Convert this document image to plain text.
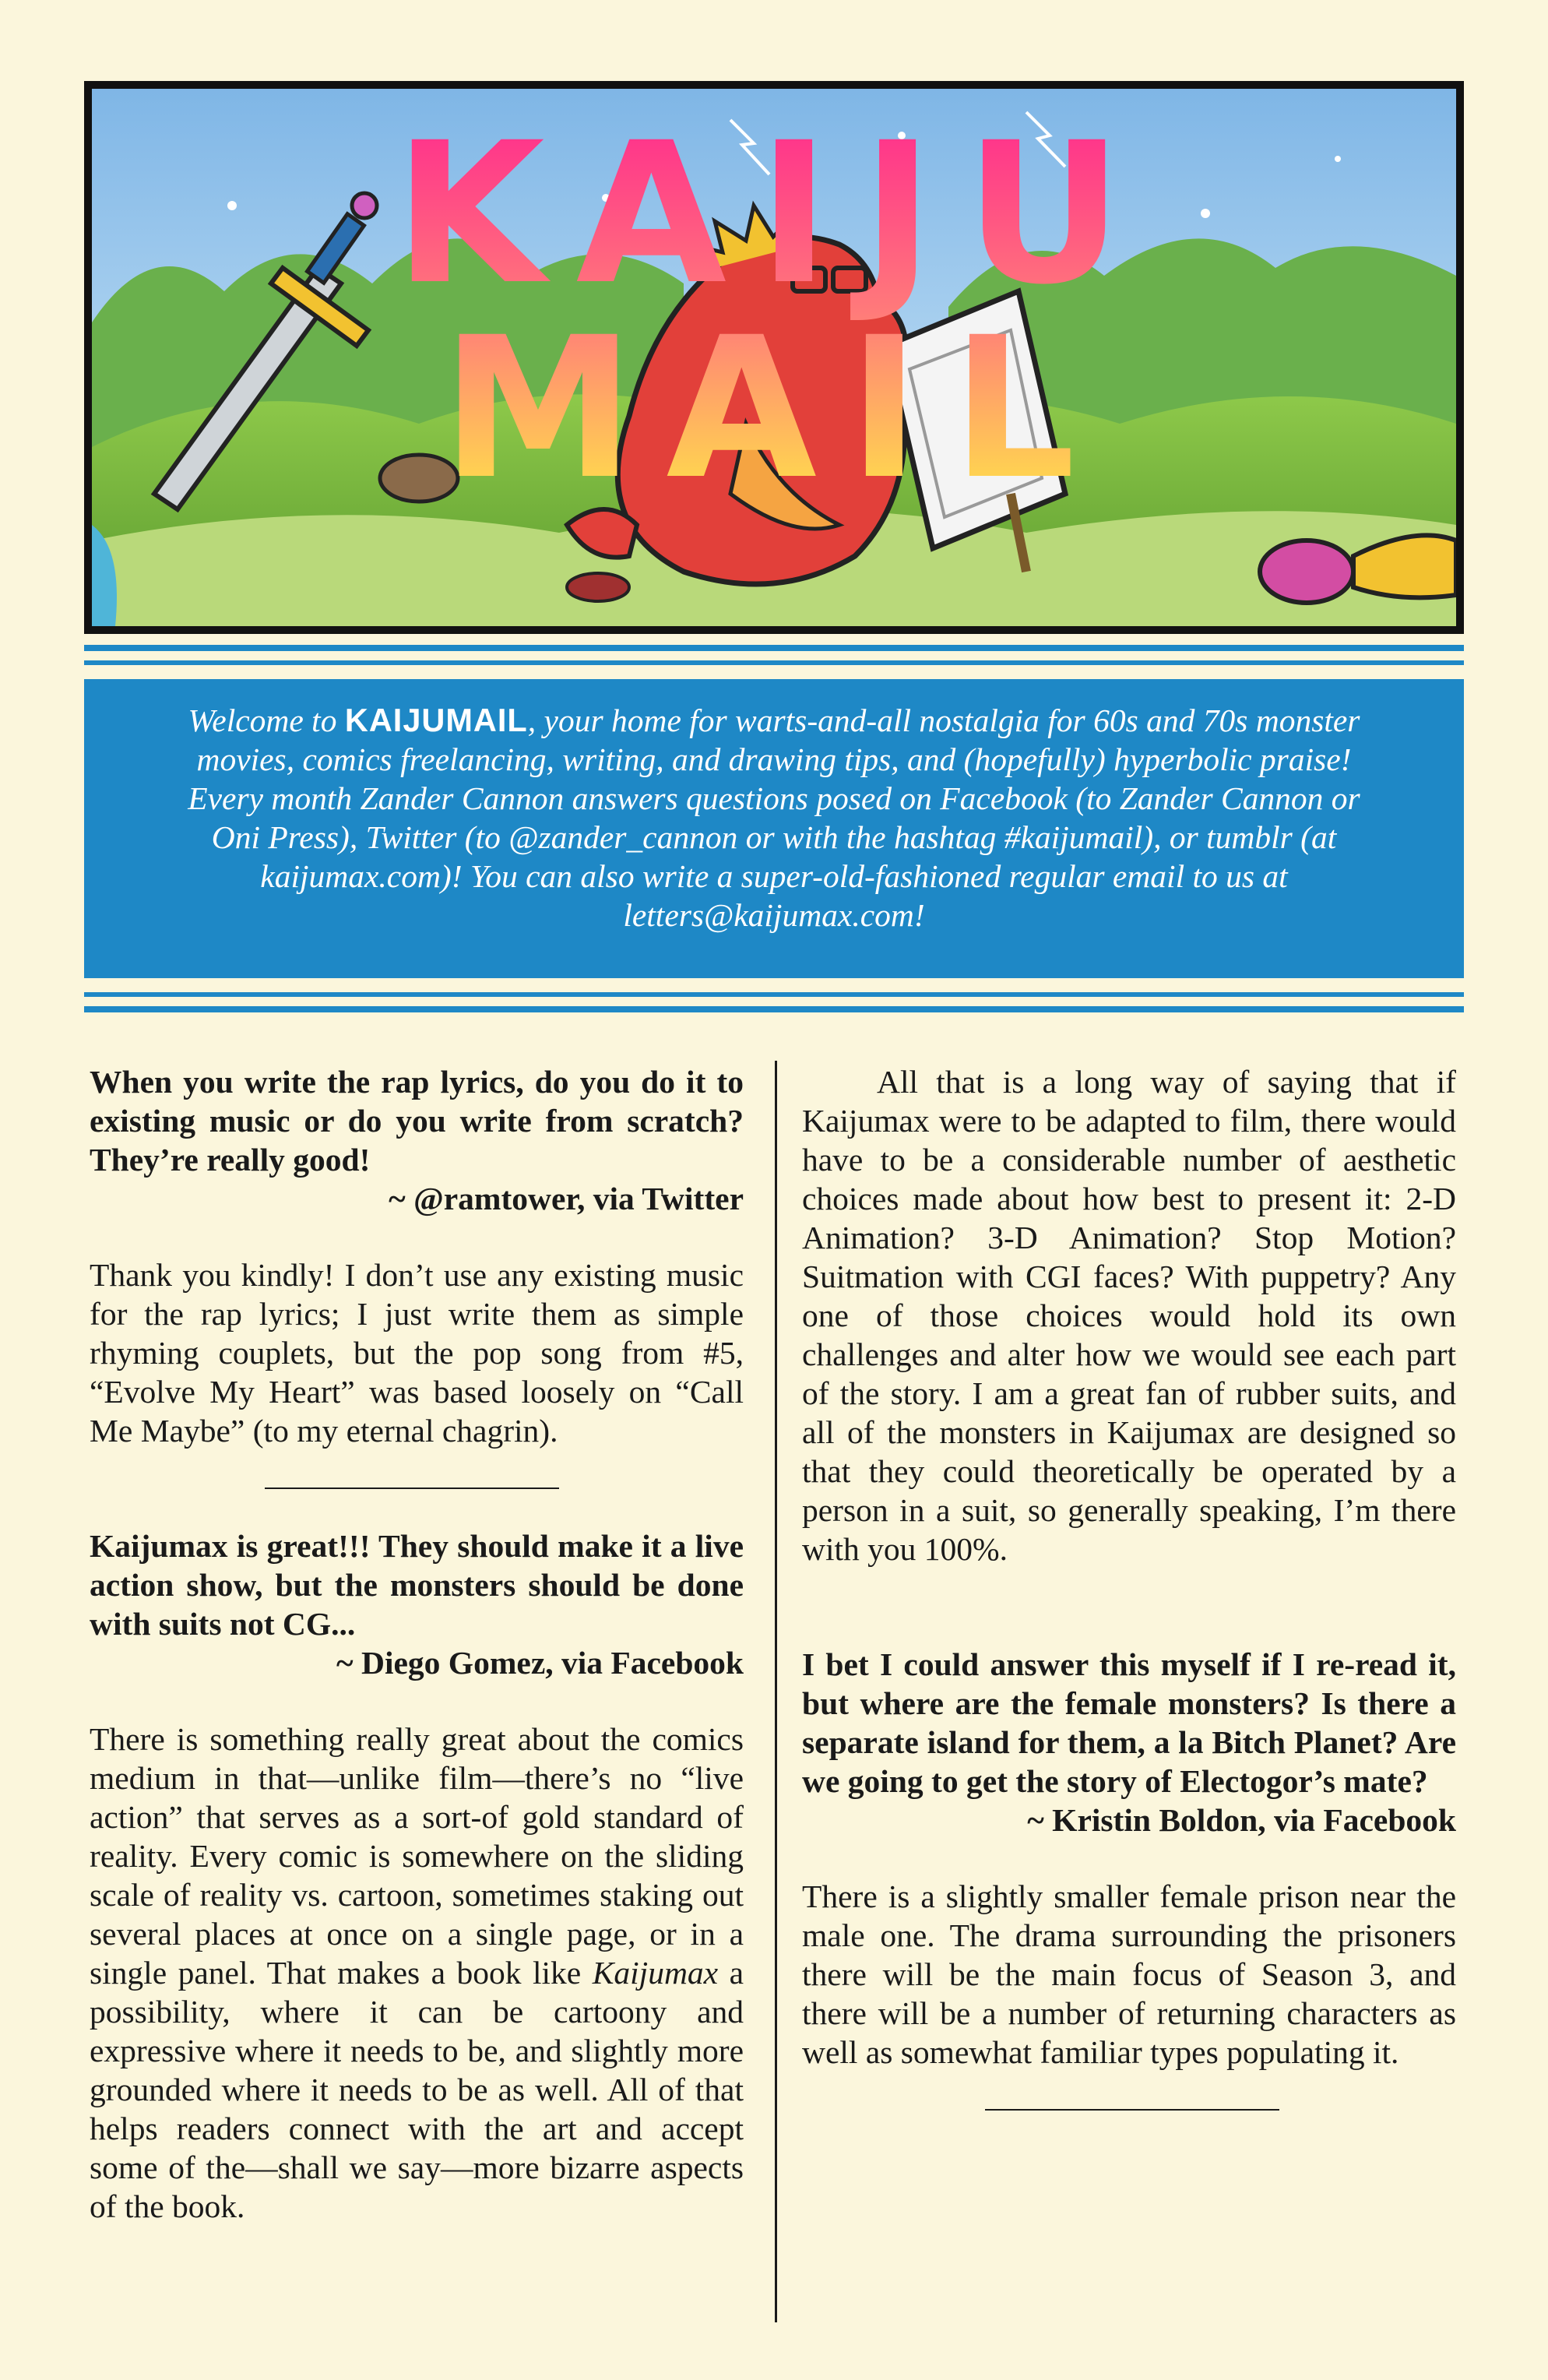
Welcome to KAIJUMAIL, your home for warts-and-all nostalgia for 60s and 70s monster movies, comics freelancing, writing, and drawing tips, and (hopefully) hyperbolic praise! Every month Zander Cannon answers questions posed on Facebook (to Zander Cannon or Oni Press), Twitter (to @zander_cannon or with the hashtag #kaijumail), or tumblr (at kaijumax.com)! You can also write a super-old-fashioned regular email to us at letters@kaijumax.com!

When you write the rap lyrics, do you do it to existing music or do you write from scratch? They’re really good!

~ @ramtower, via Twitter

Thank you kindly! I don’t use any existing music for the rap lyrics; I just write them as simple rhyming couplets, but the pop song from #5, “Evolve My Heart” was based loosely on “Call Me Maybe” (to my eternal chagrin).

Kaijumax is great!!! They should make it a live action show, but the monsters should be done with suits not CG...

~ Diego Gomez, via Facebook

There is something really great about the comics medium in that—unlike film—there’s no “live action” that serves as a sort-of gold standard of reality. Every comic is somewhere on the sliding scale of reality vs. cartoon, sometimes staking out several places at once on a single page, or in a single panel. That makes a book like Kaijumax a possibility, where it can be cartoony and expressive where it needs to be, and slightly more grounded where it needs to be as well. All of that helps readers connect with the art and accept some of the—shall we say—more bizarre aspects of the book.

All that is a long way of saying that if Kaijumax were to be adapted to film, there would have to be a considerable number of aesthetic choices made about how best to present it: 2-D Animation? 3-D Animation? Stop Motion? Suitmation with CGI faces? With puppetry? Any one of those choices would hold its own challenges and alter how we would see each part of the story. I am a great fan of rubber suits, and all of the monsters in Kaijumax are designed so that they could theoretically be operated by a person in a suit, so generally speaking, I’m there with you 100%.

I bet I could answer this myself if I re-read it, but where are the female monsters? Is there a separate island for them, a la Bitch Planet? Are we going to get the story of Electogor’s mate?

~ Kristin Boldon, via Facebook

There is a slightly smaller female prison near the male one. The drama surrounding the prisoners there will be the main focus of Season 3, and there will be a number of returning characters as well as somewhat familiar types populating it.
